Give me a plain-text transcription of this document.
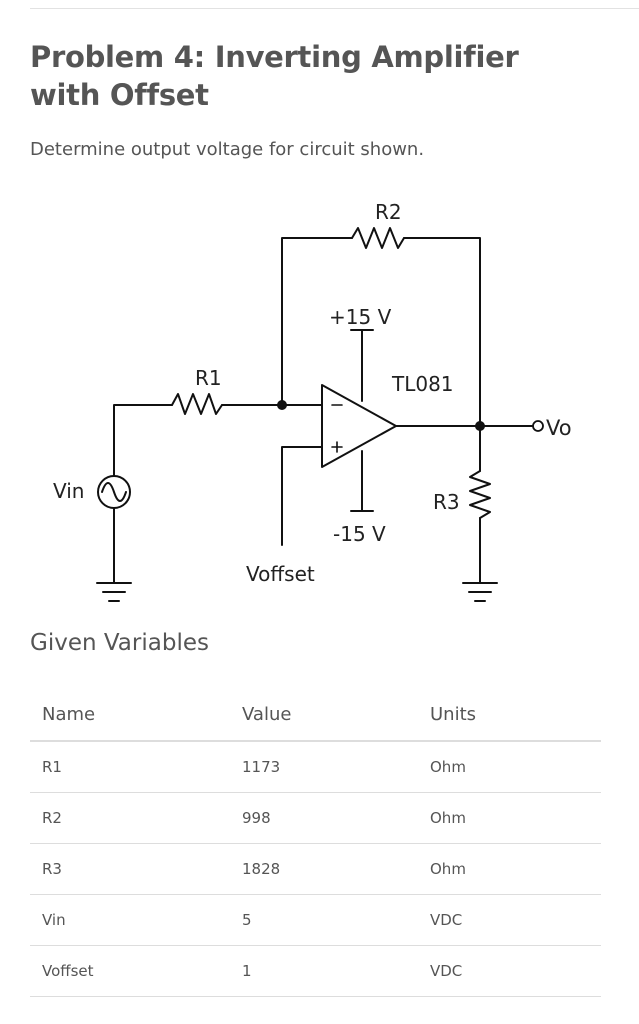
Problem 4: Inverting Amplifier with Offset

Determine output voltage for circuit shown.

R2
+15 V
R1	TL081
Vo
Vin	R3
-15 V
Voffset
Given Variables
Name	Value	Units
R1	1173	Ohm
R2	998	Ohm
R3	1828	Ohm
Vin	5	VDC
Voffset	1	VDC
